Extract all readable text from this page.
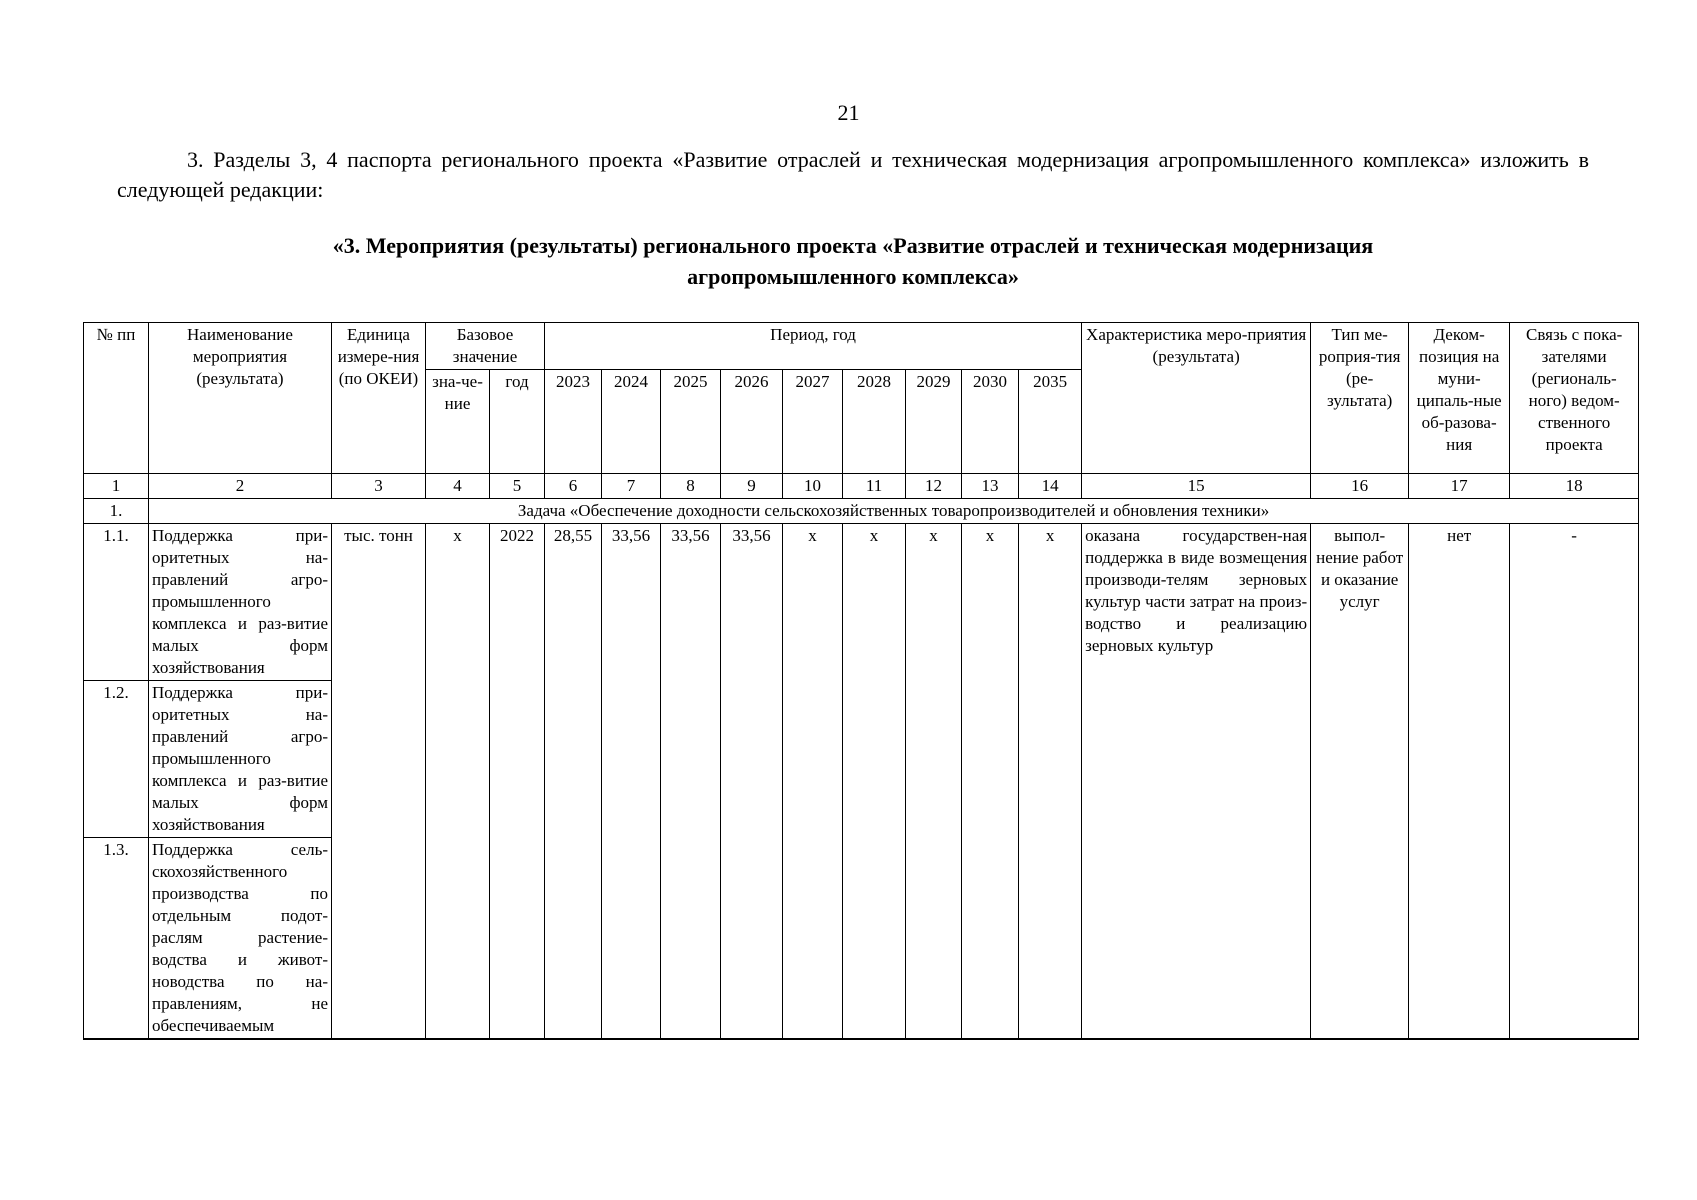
21

3. Разделы 3, 4 паспорта регионального проекта «Развитие отраслей и техническая модернизация агропромышленного комплекса» изложить в следующей редакции:

«3. Мероприятия (результаты) регионального проекта «Развитие отраслей и техническая модернизация
агропромышленного комплекса»
№ пп	Наименование мероприятия (результата)	Единица измере-ния (по ОКЕИ)	Базовое значение		Период, год									Характеристика меро-приятия (результата)	Тип ме-роприя-тия (ре-зультата)	Деком-позиция на муни-ципаль-ные об-разова-ния	Связь с пока-зателями (региональ-ного) ведом-ственного проекта
			зна-че-ние	год	2023	2024	2025	2026	2027	2028	2029	2030	2035				

1	2	3	4	5	6	7	8	9	10	11	12	13	14	15	16	17	18
1.	Задача «Обеспечение доходности сельскохозяйственных товаропроизводителей и обновления техники»																
1.1.	Поддержка при-оритетных на-правлений агро-промышленного комплекса и раз-витие малых форм хозяйствования	тыс. тонн	х	2022	28,55	33,56	33,56	33,56	х	х	х	х	х	оказана государствен-ная поддержка в виде возмещения производи-телям зерновых культур части затрат на произ-водство и реализацию зерновых культур	выпол-нение работ и оказание услуг	нет	-
1.2.	Поддержка при-оритетных на-правлений агро-промышленного комплекса и раз-витие малых форм хозяйствования																
1.3.	Поддержка сель-скохозяйственного производства по отдельным подот-раслям растение-водства и живот-новодства по на-правлениям, не обеспечиваемым																
